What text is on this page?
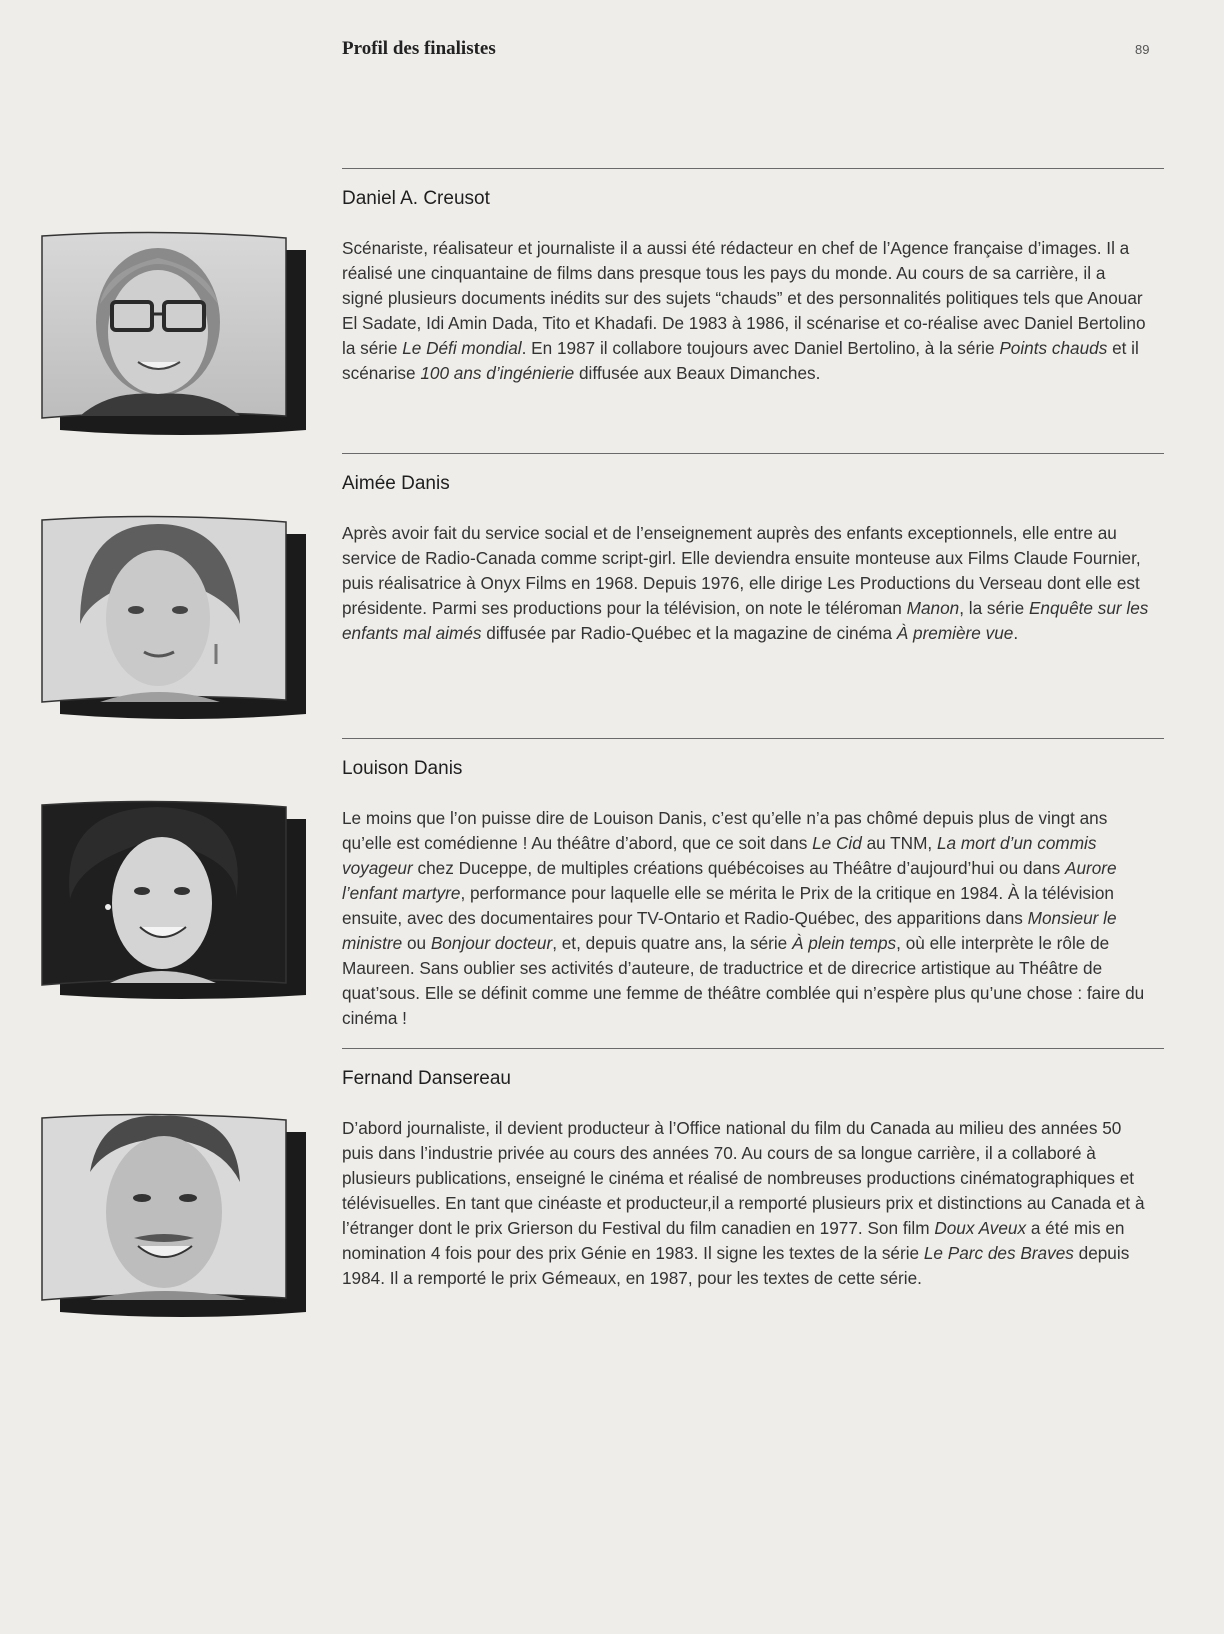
Profil des finalistes	89
Daniel A. Creusot

Scénariste, réalisateur et journaliste il a aussi été rédacteur en chef de l’Agence française d’images. Il a réalisé une cinquantaine de films dans presque tous les pays du monde. Au cours de sa carrière, il a signé plusieurs documents inédits sur des sujets “chauds” et des personnalités politiques tels que Anouar El Sadate, Idi Amin Dada, Tito et Khadafi. De 1983 à 1986, il scénarise et co-réalise avec Daniel Bertolino la série Le Défi mondial. En 1987 il collabore toujours avec Daniel Bertolino, à la série Points chauds et il scénarise 100 ans d’ingénierie diffusée aux Beaux Dimanches.

Aimée Danis

Après avoir fait du service social et de l’enseignement auprès des enfants exceptionnels, elle entre au service de Radio-Canada comme script-girl. Elle deviendra ensuite monteuse aux Films Claude Fournier, puis réalisatrice à Onyx Films en 1968. Depuis 1976, elle dirige Les Productions du Verseau dont elle est présidente. Parmi ses productions pour la télévision, on note le téléroman Manon, la série Enquête sur les enfants mal aimés diffusée par Radio-Québec et la magazine de cinéma À première vue.

Louison Danis

Le moins que l’on puisse dire de Louison Danis, c’est qu’elle n’a pas chômé depuis plus de vingt ans qu’elle est comédienne ! Au théâtre d’abord, que ce soit dans Le Cid au TNM, La mort d’un commis voyageur chez Duceppe, de multiples créations québécoises au Théâtre d’aujourd’hui ou dans Aurore l’enfant martyre, performance pour laquelle elle se mérita le Prix de la critique en 1984. À la télévision ensuite, avec des documentaires pour TV-Ontario et Radio-Québec, des apparitions dans Monsieur le ministre ou Bonjour docteur, et, depuis quatre ans, la série À plein temps, où elle interprète le rôle de Maureen. Sans oublier ses activités d’auteure, de traductrice et de direcrice artistique au Théâtre de quat’sous. Elle se définit comme une femme de théâtre comblée qui n’espère plus qu’une chose : faire du cinéma !

Fernand Dansereau

D’abord journaliste, il devient producteur à l’Office national du film du Canada au milieu des années 50 puis dans l’industrie privée au cours des années 70. Au cours de sa longue carrière, il a collaboré à plusieurs publications, enseigné le cinéma et réalisé de nombreuses productions cinématographiques et télévisuelles. En tant que cinéaste et producteur,il a remporté plusieurs prix et distinctions au Canada et à l’étranger dont le prix Grierson du Festival du film canadien en 1977. Son film Doux Aveux a été mis en nomination 4 fois pour des prix Génie en 1983. Il signe les textes de la série Le Parc des Braves depuis 1984. Il a remporté le prix Gémeaux, en 1987, pour les textes de cette série.
